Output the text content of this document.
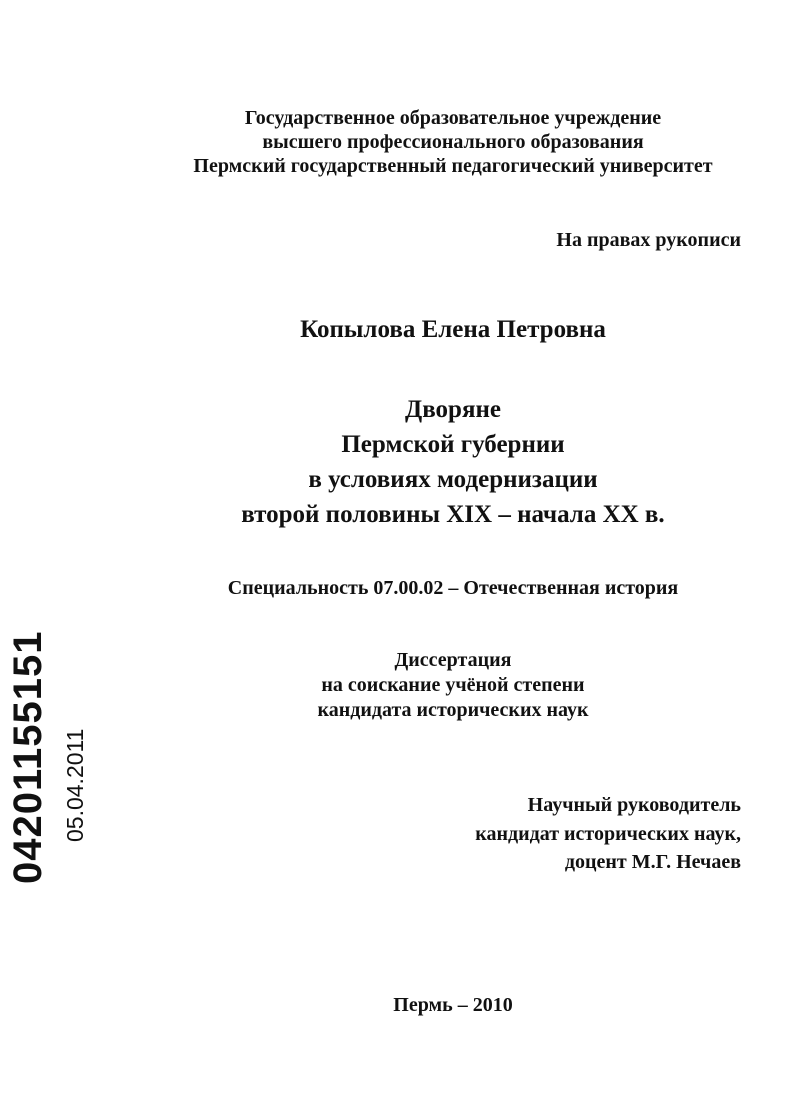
Государственное образовательное учреждение
высшего профессионального образования
Пермский государственный педагогический университет
На правах рукописи
Копылова Елена Петровна
Дворяне
Пермской губернии
в условиях модернизации
второй половины XIX – начала XX в.
Специальность 07.00.02 – Отечественная история
Диссертация
на соискание учёной степени
кандидата исторических наук
Научный руководитель
кандидат исторических наук,
доцент М.Г. Нечаев
Пермь – 2010
04201155151 05.04.2011
